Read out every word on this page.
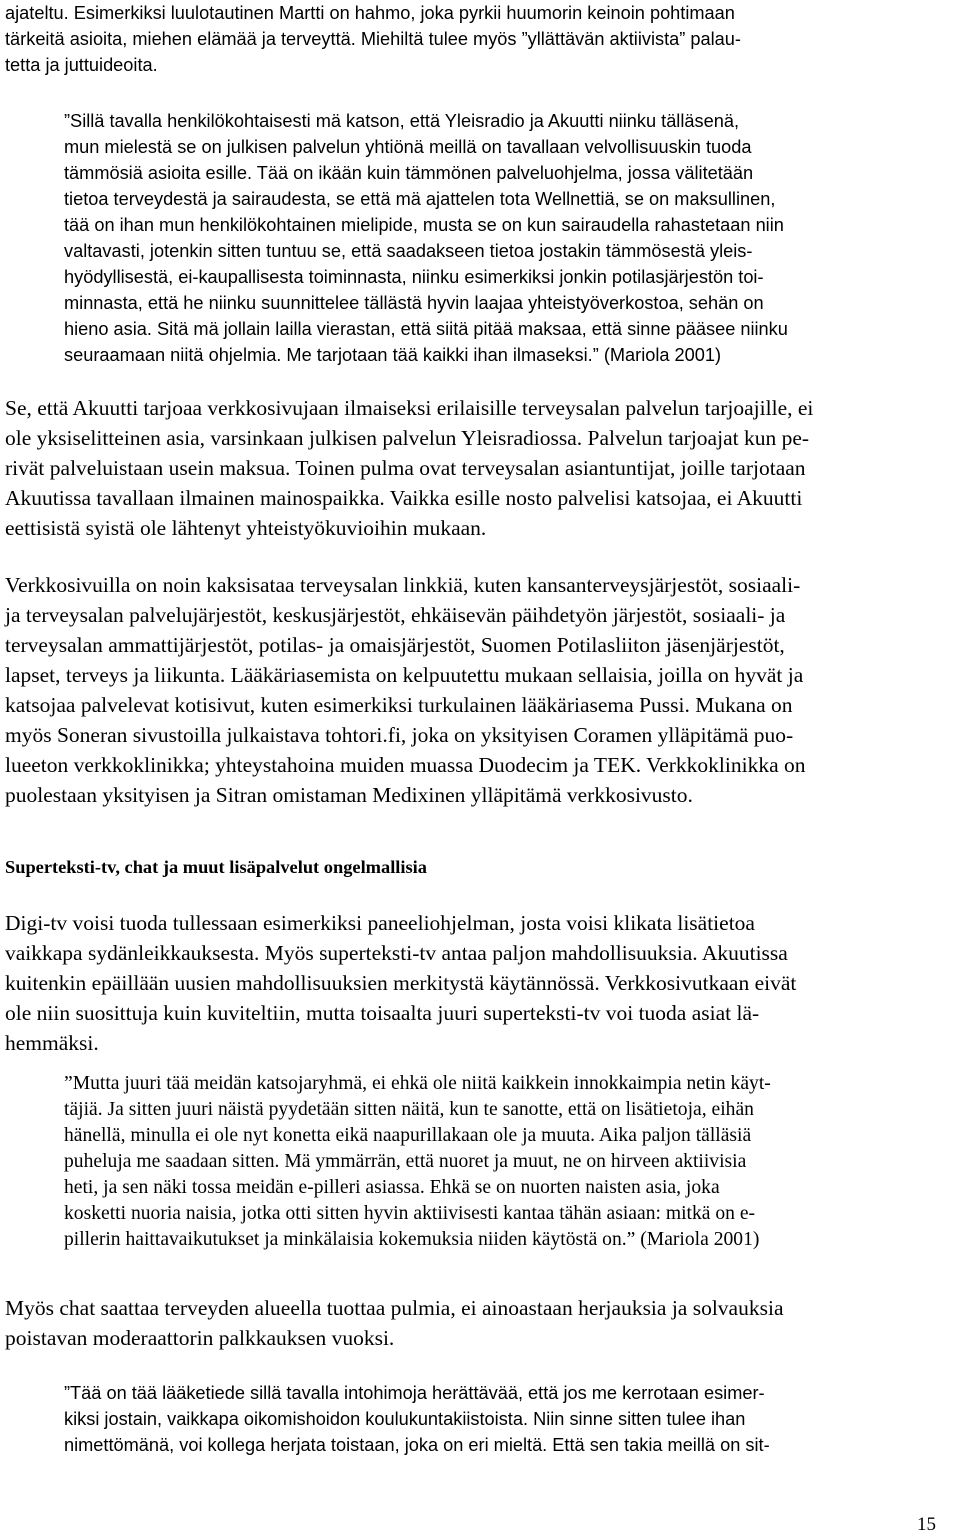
ajateltu. Esimerkiksi luulotautinen Martti on hahmo, joka pyrkii huumorin keinoin pohtimaan
tärkeitä asioita, miehen elämää ja terveyttä. Miehiltä tulee myös ”yllättävän aktiivista” palau-
tetta ja juttuideoita.
”Sillä tavalla henkilökohtaisesti mä katson, että Yleisradio ja Akuutti niinku tälläsenä,
mun mielestä se on julkisen palvelun yhtiönä meillä on tavallaan velvollisuuskin tuoda
tämmösiä asioita esille. Tää on ikään kuin tämmönen palveluohjelma, jossa välitetään
tietoa terveydestä ja sairaudesta, se että mä ajattelen tota Wellnettiä, se on maksullinen,
tää on ihan mun henkilökohtainen mielipide, musta se on kun sairaudella rahastetaan niin
valtavasti, jotenkin sitten tuntuu se, että saadakseen tietoa jostakin tämmösestä yleis-
hyödyllisestä, ei-kaupallisesta toiminnasta, niinku esimerkiksi jonkin potilasjärjestön toi-
minnasta, että he niinku suunnittelee tällästä hyvin laajaa yhteistyöverkostoa, sehän on
hieno asia. Sitä mä jollain lailla vierastan, että siitä pitää maksaa, että sinne pääsee niinku
seuraamaan niitä ohjelmia. Me tarjotaan tää kaikki ihan ilmaseksi.” (Mariola 2001)
Se, että Akuutti tarjoaa verkkosivujaan ilmaiseksi erilaisille terveysalan palvelun tarjoajille, ei
ole yksiselitteinen asia, varsinkaan julkisen palvelun Yleisradiossa. Palvelun tarjoajat kun pe-
rivät palveluistaan usein maksua. Toinen pulma ovat terveysalan asiantuntijat, joille tarjotaan
Akuutissa tavallaan ilmainen mainospaikka. Vaikka esille nosto palvelisi katsojaa, ei Akuutti
eettisistä syistä ole lähtenyt yhteistyökuvioihin mukaan.
Verkkosivuilla on noin kaksisataa terveysalan linkkiä, kuten kansanterveysjärjestöt, sosiaali-
ja terveysalan palvelujärjestöt, keskusjärjestöt, ehkäisevän päihdetyön järjestöt, sosiaali- ja
terveysalan ammattijärjestöt, potilas- ja omaisjärjestöt, Suomen Potilasliiton jäsenjärjestöt,
lapset, terveys ja liikunta. Lääkäriasemista on kelpuutettu mukaan sellaisia, joilla on hyvät ja
katsojaa palvelevat kotisivut, kuten esimerkiksi turkulainen lääkäriasema Pussi. Mukana on
myös Soneran sivustoilla julkaistava tohtori.fi, joka on yksityisen Coramen ylläpitämä puo-
lueeton verkkoklinikka; yhteystahoina muiden muassa Duodecim ja TEK. Verkkoklinikka on
puolestaan yksityisen ja Sitran omistaman Medixinen ylläpitämä verkkosivusto.
Superteksti-tv, chat ja muut lisäpalvelut ongelmallisia
Digi-tv voisi tuoda tullessaan esimerkiksi paneeliohjelman, josta voisi klikata lisätietoa
vaikkapa sydänleikkauksesta. Myös superteksti-tv antaa paljon mahdollisuuksia. Akuutissa
kuitenkin epäillään uusien mahdollisuuksien merkitystä käytännössä. Verkkosivutkaan eivät
ole niin suosittuja kuin kuviteltiin, mutta toisaalta juuri superteksti-tv voi tuoda asiat lä-
hemmäksi.
”Mutta juuri tää meidän katsojaryhmä, ei ehkä ole niitä kaikkein innokkaimpia netin käyt-
täjiä. Ja sitten juuri näistä pyydetään sitten näitä, kun te sanotte, että on lisätietoja, eihän
hänellä, minulla ei ole nyt konetta eikä naapurillakaan ole ja muuta. Aika paljon tälläsiä
puheluja me saadaan sitten. Mä ymmärrän, että nuoret ja muut, ne on hirveen aktiivisia
heti, ja sen näki tossa meidän e-pilleri asiassa. Ehkä se on nuorten naisten asia, joka
kosketti nuoria naisia, jotka otti sitten hyvin aktiivisesti kantaa tähän asiaan: mitkä on e-
pillerin haittavaikutukset ja minkälaisia kokemuksia niiden käytöstä on.” (Mariola 2001)
Myös chat saattaa terveyden alueella tuottaa pulmia, ei ainoastaan herjauksia ja solvauksia
poistavan moderaattorin palkkauksen vuoksi.
”Tää on tää lääketiede sillä tavalla intohimoja herättävää, että jos me kerrotaan esimer-
kiksi jostain, vaikkapa oikomishoidon koulukuntakiistoista. Niin sinne sitten tulee ihan
nimettömänä, voi kollega herjata toistaan, joka on eri mieltä. Että sen takia meillä on sit-
15
